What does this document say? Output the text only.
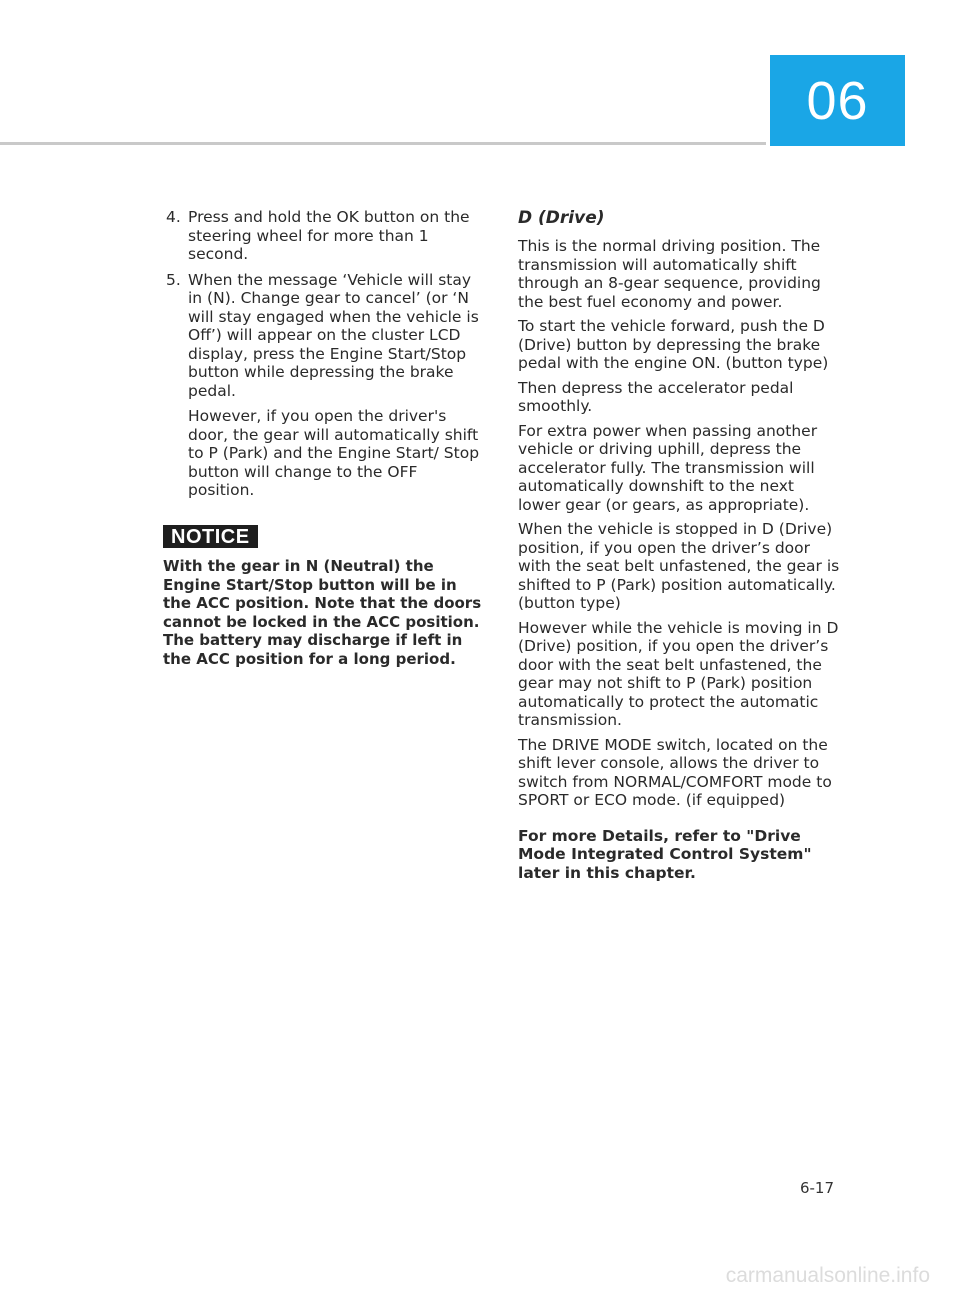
06
4. Press and hold the OK button on the steering wheel for more than 1 second.

5. When the message ‘Vehicle will stay in (N). Change gear to cancel’ (or ‘N will stay engaged when the vehicle is Off’) will appear on the cluster LCD display, press the Engine Start/Stop button while depressing the brake pedal.

However, if you open the driver's door, the gear will automatically shift to P (Park) and the Engine Start/ Stop button will change to the OFF position.

NOTICE

With the gear in N (Neutral) the Engine Start/Stop button will be in the ACC position. Note that the doors cannot be locked in the ACC position. The battery may discharge if left in the ACC position for a long period.

D (Drive)

This is the normal driving position. The transmission will automatically shift through an 8-gear sequence, providing the best fuel economy and power.

To start the vehicle forward, push the D (Drive) button by depressing the brake pedal with the engine ON. (button type)

Then depress the accelerator pedal smoothly.

For extra power when passing another vehicle or driving uphill, depress the accelerator fully. The transmission will automatically downshift to the next lower gear (or gears, as appropriate).

When the vehicle is stopped in D (Drive) position, if you open the driver’s door with the seat belt unfastened, the gear is shifted to P (Park) position automatically. (button type)

However while the vehicle is moving in D (Drive) position, if you open the driver’s door with the seat belt unfastened, the gear may not shift to P (Park) position automatically to protect the automatic transmission.

The DRIVE MODE switch, located on the shift lever console, allows the driver to switch from NORMAL/COMFORT mode to SPORT or ECO mode. (if equipped)

For more Details, refer to "Drive Mode Integrated Control System" later in this chapter.

6-17
carmanualsonline.info
